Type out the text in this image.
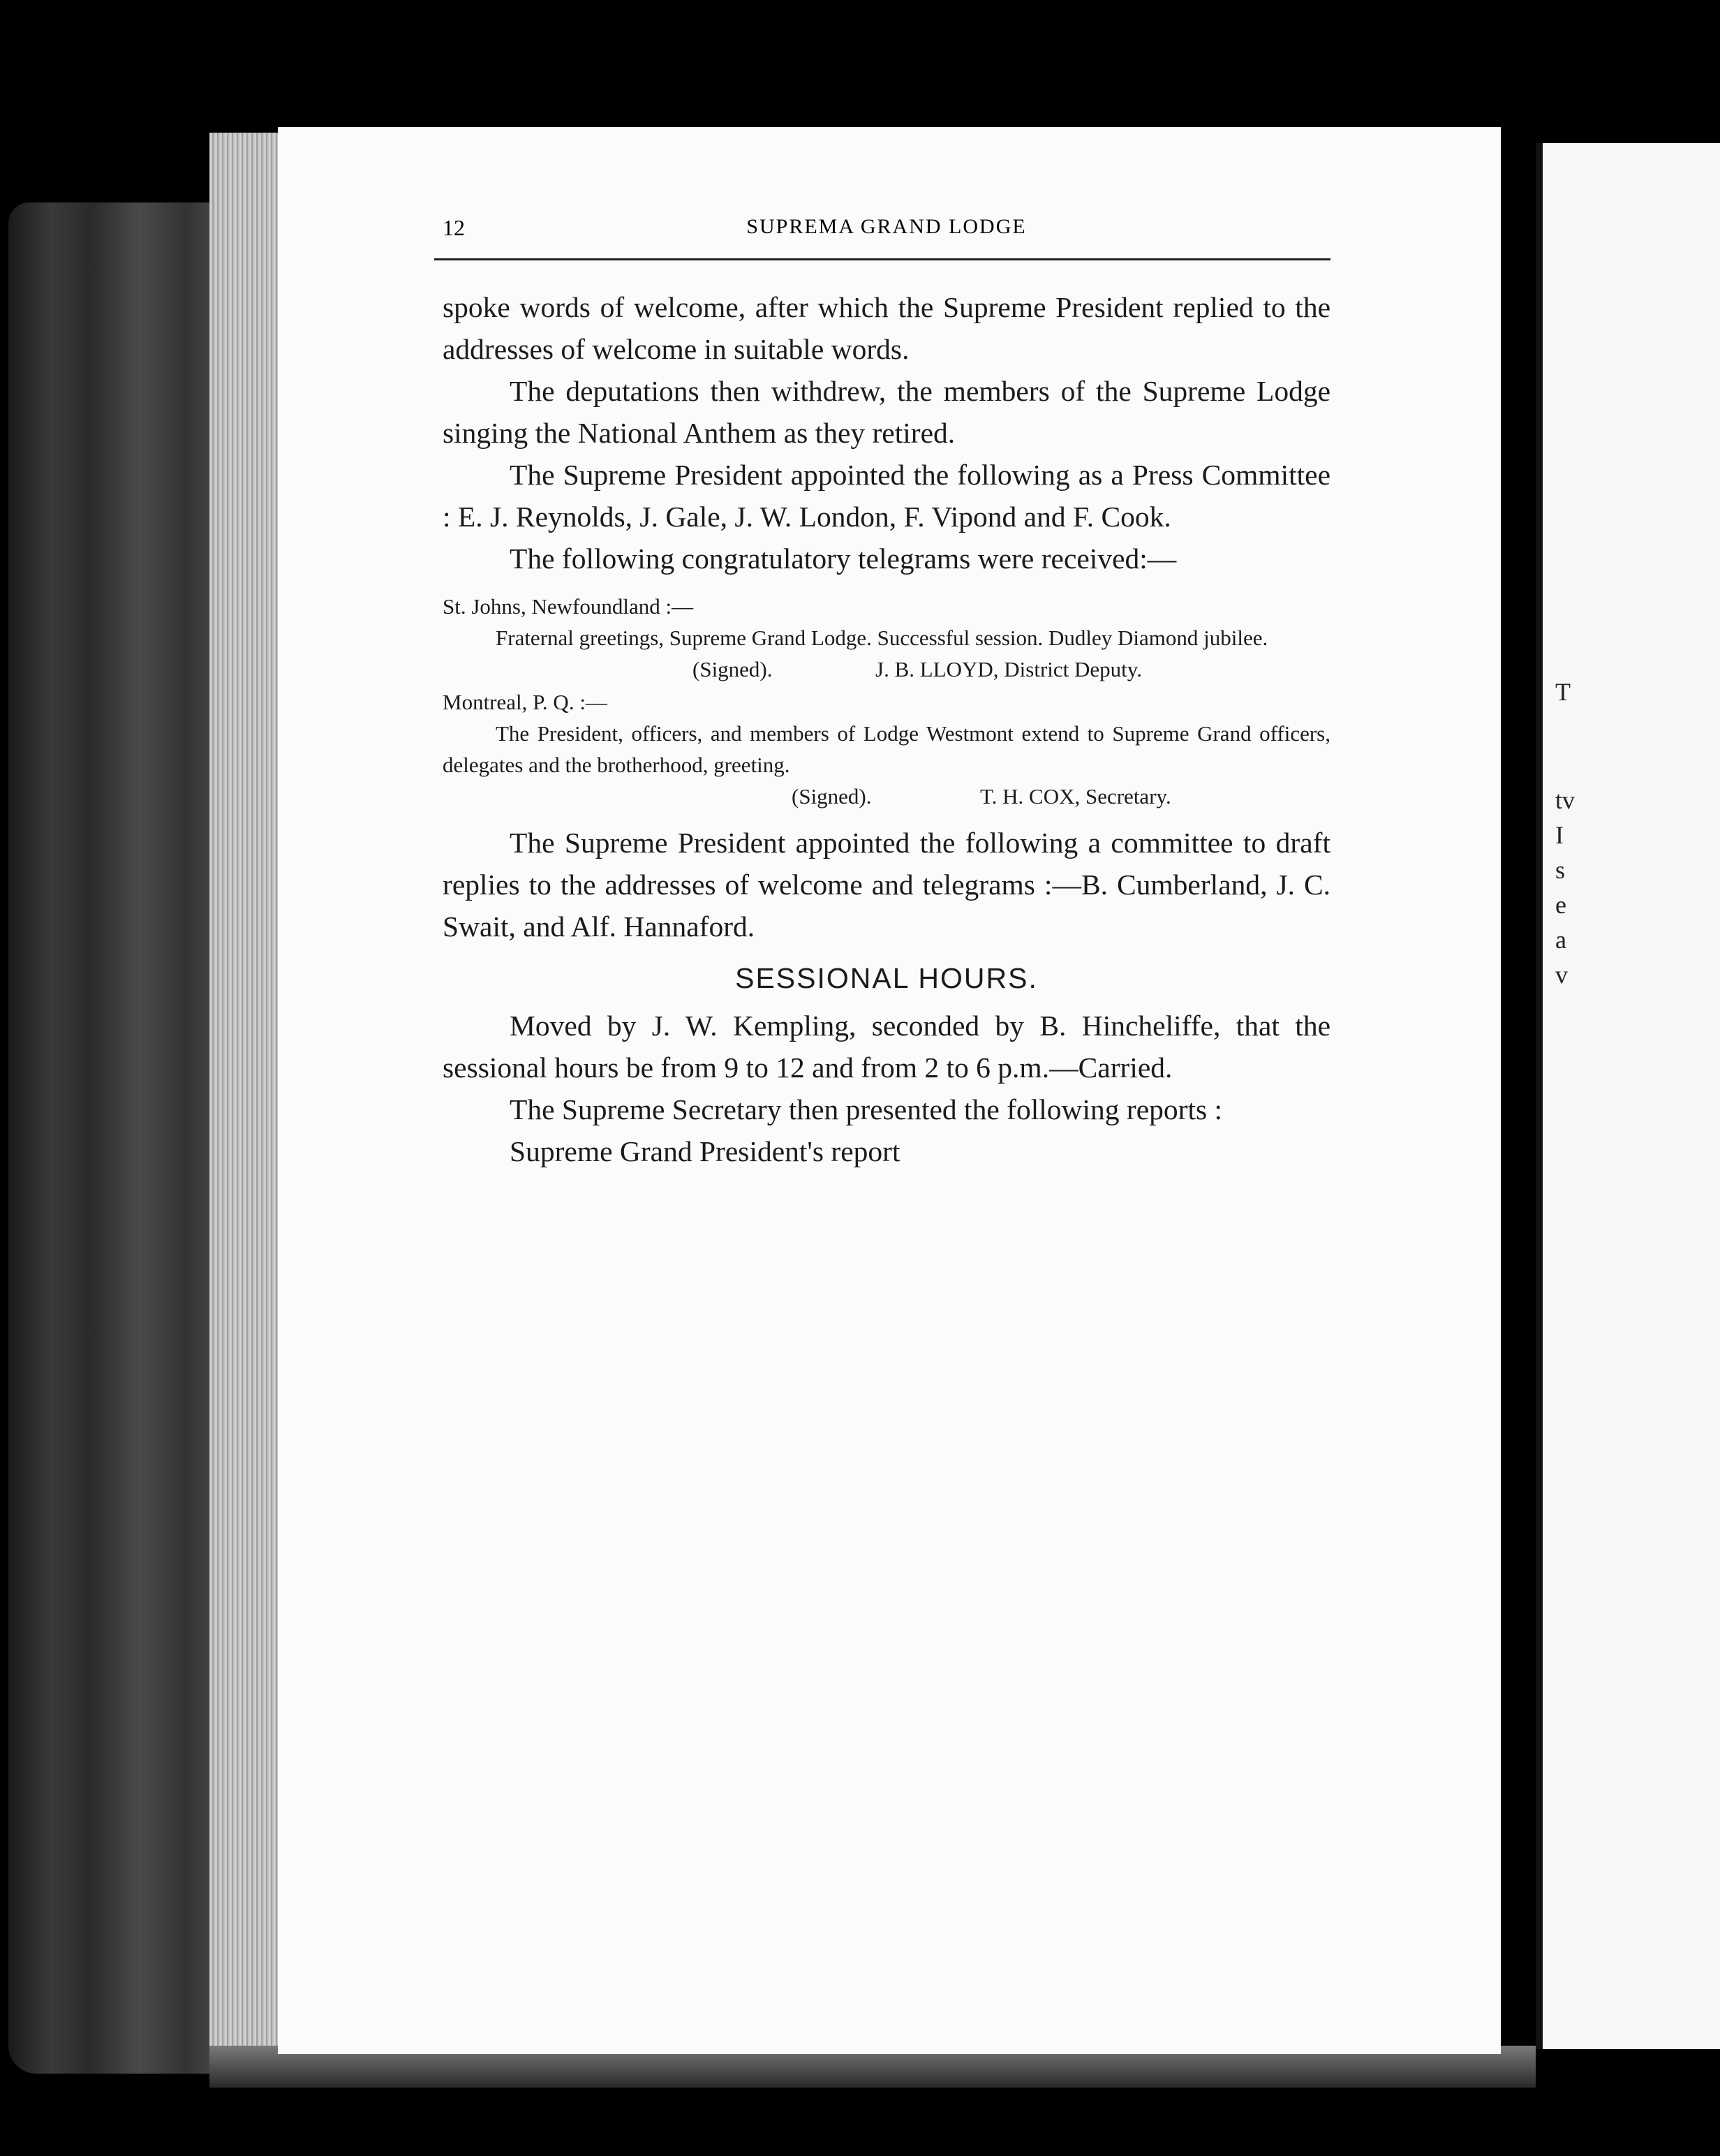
T
tv
I
s
e
a
v
12	SUPREMA GRAND LODGE

spoke words of welcome, after which the Supreme President replied to the addresses of welcome in suitable words.

The deputations then withdrew, the members of the Supreme Lodge singing the National Anthem as they retired.

The Supreme President appointed the following as a Press Committee : E. J. Reynolds, J. Gale, J. W. London, F. Vipond and F. Cook.

The following congratulatory telegrams were received:—

St. Johns, Newfoundland :—

Fraternal greetings, Supreme Grand Lodge. Successful session. Dudley Diamond jubilee.

(Signed).	J. B. LLOYD, District Deputy.

Montreal, P. Q. :—

The President, officers, and members of Lodge Westmont extend to Supreme Grand officers, delegates and the brotherhood, greeting.

(Signed).	T. H. COX, Secretary.

The Supreme President appointed the following a committee to draft replies to the addresses of welcome and telegrams :—B. Cumberland, J. C. Swait, and Alf. Hannaford.

SESSIONAL HOURS.

Moved by J. W. Kempling, seconded by B. Hincheliffe, that the sessional hours be from 9 to 12 and from 2 to 6 p.m.—Carried.

The Supreme Secretary then presented the following reports :

Supreme Grand President's report
